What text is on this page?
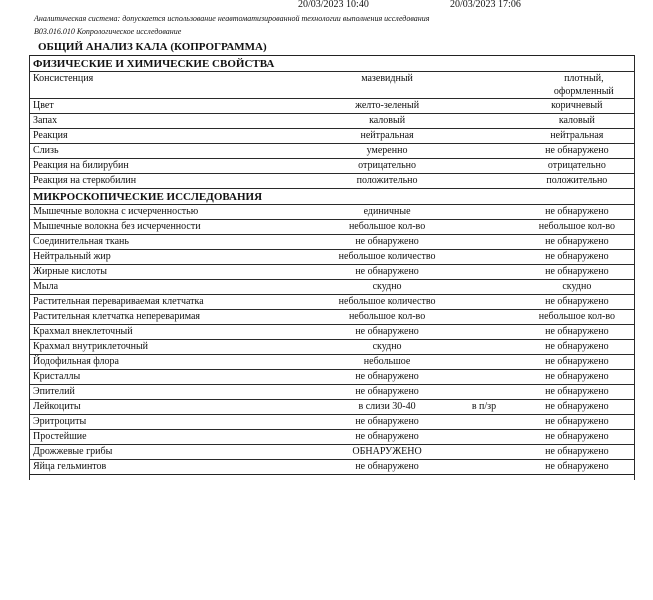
20/03/2023 10:40	20/03/2023 17:06
Аналитическая система: допускается использование неавтоматизированной технологии выполнения исследования
B03.016.010 Копрологическое исследование
ОБЩИЙ АНАЛИЗ КАЛА (КОПРОГРАММА)
ФИЗИЧЕСКИЕ И ХИМИЧЕСКИЕ СВОЙСТВА			
Консистенция	мазевидный		плотный, оформленный
Цвет	желто-зеленый		коричневый
Запах	каловый		каловый
Реакция	нейтральная		нейтральная
Слизь	умеренно		не обнаружено
Реакция на билирубин	отрицательно		отрицательно
Реакция на стеркобилин	положительно		положительно
МИКРОСКОПИЧЕСКИЕ ИССЛЕДОВАНИЯ			
Мышечные волокна с исчерченностью	единичные		не обнаружено
Мышечные волокна без исчерченности	небольшое кол-во		небольшое кол-во
Соединительная ткань	не обнаружено		не обнаружено
Нейтральный жир	небольшое количество		не обнаружено
Жирные кислоты	не обнаружено		не обнаружено
Мыла	скудно		скудно
Растительная перевариваемая клетчатка	небольшое количество		не обнаружено
Растительная клетчатка непереваримая	небольшое кол-во		небольшое кол-во
Крахмал внеклеточный	не обнаружено		не обнаружено
Крахмал внутриклеточный	скудно		не обнаружено
Йодофильная флора	небольшое		не обнаружено
Кристаллы	не обнаружено		не обнаружено
Эпителий	не обнаружено		не обнаружено
Лейкоциты	в слизи 30-40	в п/зр	не обнаружено
Эритроциты	не обнаружено		не обнаружено
Простейшие	не обнаружено		не обнаружено
Дрожжевые грибы	ОБНАРУЖЕНО		не обнаружено
Яйца гельминтов	не обнаружено		не обнаружено
